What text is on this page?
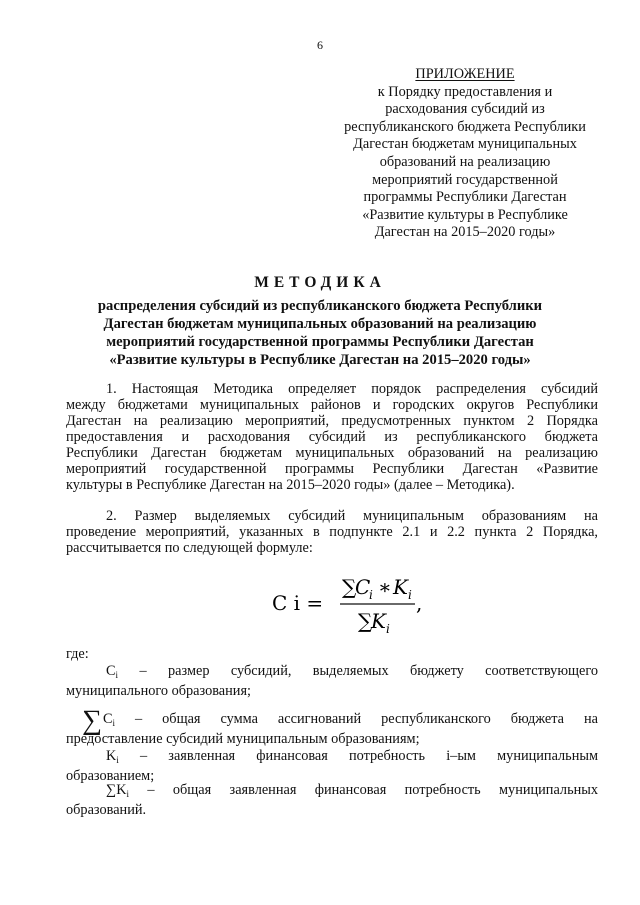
6
ПРИЛОЖЕНИЕ
к Порядку предоставления и
расходования субсидий из
республиканского бюджета Республики
Дагестан бюджетам муниципальных
образований на реализацию
мероприятий государственной
программы Республики Дагестан
«Развитие культуры в Республике
Дагестан на 2015–2020 годы»
МЕТОДИКА
распределения субсидий из республиканского бюджета Республики
Дагестан бюджетам муниципальных образований на реализацию
мероприятий государственной программы Республики Дагестан
«Развитие культуры в Республике Дагестан на 2015–2020 годы»
1. Настоящая Методика определяет порядок распределения субсидий
между бюджетами муниципальных районов и городских округов Республики
Дагестан на реализацию мероприятий, предусмотренных пунктом 2 Порядка
предоставления и расходования субсидий из республиканского бюджета
Республики Дагестан бюджетам муниципальных образований на реализацию
мероприятий государственной программы Республики Дагестан «Развитие
культуры в Республике Дагестан на 2015–2020 годы» (далее – Методика).
2. Размер выделяемых субсидий муниципальным образованиям на
проведение мероприятий, указанных в подпункте 2.1 и 2.2 пункта 2 Порядка,
рассчитывается по следующей формуле:
C i =
∑
C
i ∗ K i
∑
K i
,
где:
$C_i$ – размер субсидий, выделяемых бюджету соответствующего
муниципального образования;
$\sum C_i$ – общая сумма ассигнований республиканского бюджета на
предоставление субсидий муниципальным образованиям;
$K_i$ – заявленная финансовая потребность i–ым муниципальным
образованием;
$\sum K_i$ – общая заявленная финансовая потребность муниципальных
образований.
